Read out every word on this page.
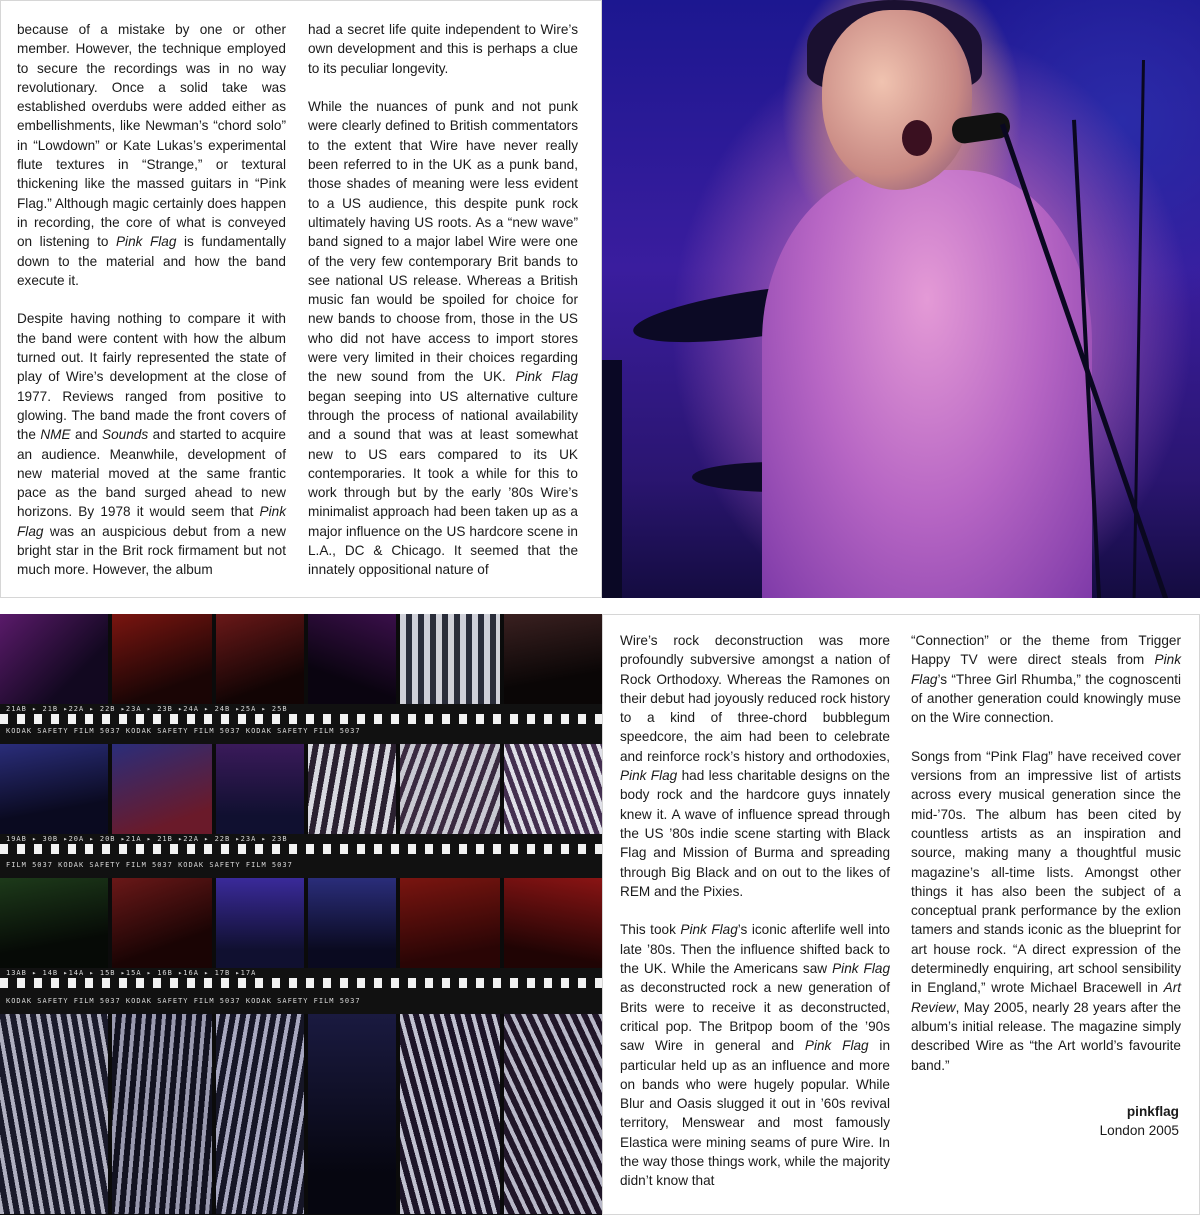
because of a mistake by one or other member. However, the technique employed to secure the recordings was in no way revolutionary. Once a solid take was established overdubs were added either as embellishments, like Newman’s “chord solo” in “Lowdown” or Kate Lukas’s experimental flute textures in “Strange,” or textural thickening like the massed guitars in “Pink Flag.” Although magic certainly does happen in recording, the core of what is conveyed on listening to Pink Flag is fundamentally down to the material and how the band execute it.

Despite having nothing to compare it with the band were content with how the album turned out. It fairly represented the state of play of Wire’s development at the close of 1977. Reviews ranged from positive to glowing. The band made the front covers of the NME and Sounds and started to acquire an audience. Meanwhile, development of new material moved at the same frantic pace as the band surged ahead to new horizons. By 1978 it would seem that Pink Flag was an auspicious debut from a new bright star in the Brit rock firmament but not much more. However, the album

had a secret life quite independent to Wire’s own development and this is perhaps a clue to its peculiar longevity.

While the nuances of punk and not punk were clearly defined to British commentators to the extent that Wire have never really been referred to in the UK as a punk band, those shades of meaning were less evident to a US audience, this despite punk rock ultimately having US roots. As a “new wave” band signed to a major label Wire were one of the very few contemporary Brit bands to see national US release. Whereas a British music fan would be spoiled for choice for new bands to choose from, those in the US who did not have access to import stores were very limited in their choices regarding the new sound from the UK. Pink Flag began seeping into US alternative culture through the process of national availability and a sound that was at least somewhat new to US ears compared to its UK contemporaries. It took a while for this to work through but by the early ’80s Wire’s minimalist approach had been taken up as a major influence on the US hardcore scene in L.A., DC & Chicago. It seemed that the innately oppositional nature of

21AB ▸ 21B ▸22A ▸ 22B ▸23A ▸ 23B ▸24A ▸ 24B ▸25A ▸ 25B
KODAK SAFETY FILM 5037 KODAK SAFETY FILM 5037 KODAK SAFETY FILM 5037
19AB ▸ 30B ▸20A ▸ 20B ▸21A ▸ 21B ▸22A ▸ 22B ▸23A ▸ 23B
FILM 5037 KODAK SAFETY FILM 5037 KODAK SAFETY FILM 5037
13AB ▸ 14B ▸14A ▸ 15B ▸15A ▸ 16B ▸16A ▸ 17B ▸17A
KODAK SAFETY FILM 5037 KODAK SAFETY FILM 5037 KODAK SAFETY FILM 5037

Wire’s rock deconstruction was more profoundly subversive amongst a nation of Rock Orthodoxy. Whereas the Ramones on their debut had joyously reduced rock history to a kind of three-chord bubblegum speedcore, the aim had been to celebrate and reinforce rock’s history and orthodoxies, Pink Flag had less charitable designs on the body rock and the hardcore guys innately knew it. A wave of influence spread through the US ’80s indie scene starting with Black Flag and Mission of Burma and spreading through Big Black and on out to the likes of REM and the Pixies.

This took Pink Flag’s iconic afterlife well into late ’80s. Then the influence shifted back to the UK. While the Americans saw Pink Flag as deconstructed rock a new generation of Brits were to receive it as deconstructed, critical pop. The Britpop boom of the ’90s saw Wire in general and Pink Flag in particular held up as an influence and more on bands who were hugely popular. While Blur and Oasis slugged it out in ’60s revival territory, Menswear and most famously Elastica were mining seams of pure Wire. In the way those things work, while the majority didn’t know that

“Connection” or the theme from Trigger Happy TV were direct steals from Pink Flag’s “Three Girl Rhumba,” the cognoscenti of another generation could knowingly muse on the Wire connection.

Songs from “Pink Flag” have received cover versions from an impressive list of artists across every musical generation since the mid-’70s. The album has been cited by countless artists as an inspiration and source, making many a thoughtful music magazine’s all-time lists. Amongst other things it has also been the subject of a conceptual prank performance by the exlion tamers and stands iconic as the blueprint for art house rock. “A direct expression of the determinedly enquiring, art school sensibility in England,” wrote Michael Bracewell in Art Review, May 2005, nearly 28 years after the album’s initial release. The magazine simply described Wire as “the Art world’s favourite band.”

pinkflag
London 2005
